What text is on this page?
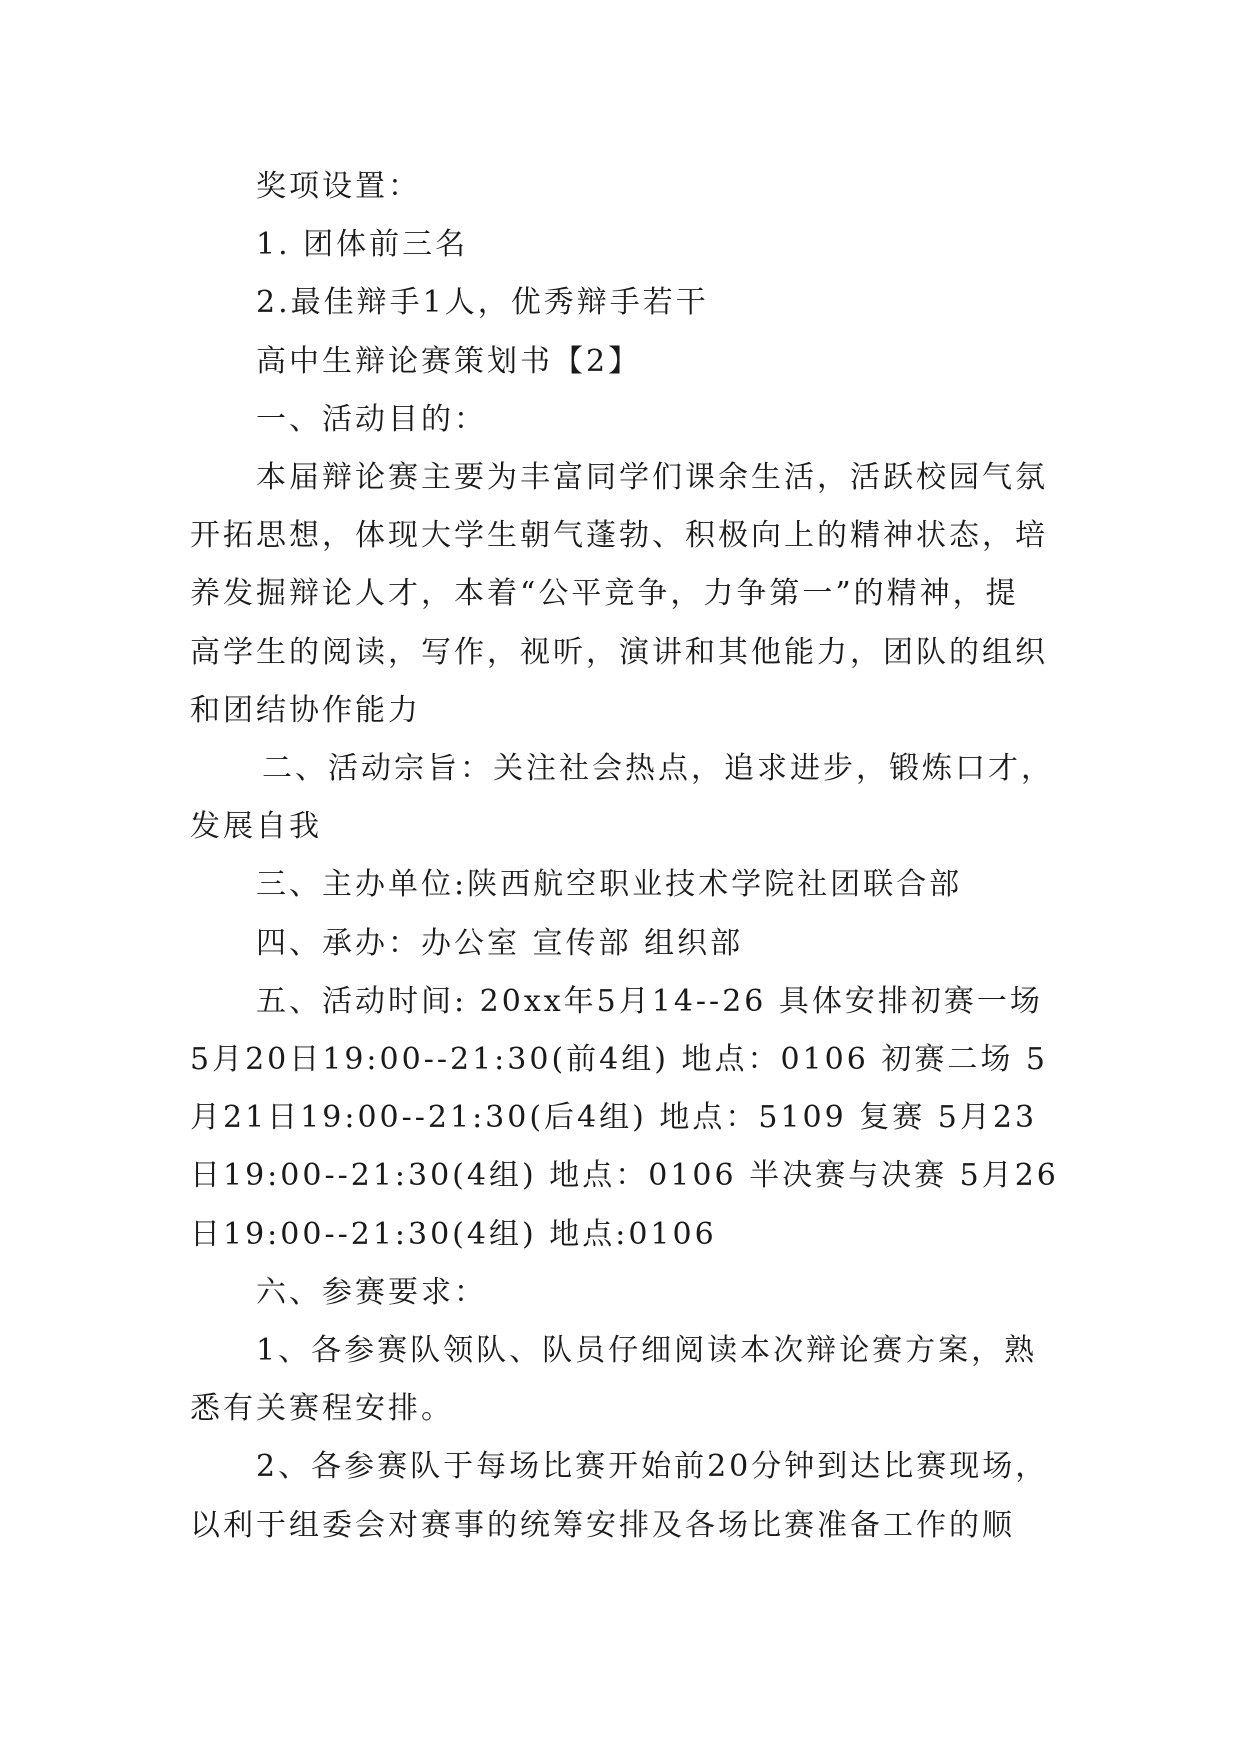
奖项设置：

1. 团体前三名

2.最佳辩手1人，优秀辩手若干

高中生辩论赛策划书【2】

一、活动目的：

本届辩论赛主要为丰富同学们课余生活，活跃校园气氛

开拓思想，体现大学生朝气蓬勃、积极向上的精神状态，培

养发掘辩论人才，本着“公平竞争，力争第一”的精神，提

高学生的阅读，写作，视听，演讲和其他能力，团队的组织

和团结协作能力

二、活动宗旨：关注社会热点，追求进步，锻炼口才，

发展自我

三、主办单位:陕西航空职业技术学院社团联合部

四、承办：办公室 宣传部 组织部

五、活动时间: 20xx年5月14--26 具体安排初赛一场

5月20日19:00--21:30(前4组) 地点：0106 初赛二场 5

月21日19:00--21:30(后4组) 地点：5109 复赛 5月23

日19:00--21:30(4组) 地点：0106 半决赛与决赛 5月26

日19:00--21:30(4组) 地点:0106

六、参赛要求：

1、各参赛队领队、队员仔细阅读本次辩论赛方案，熟

悉有关赛程安排。

2、各参赛队于每场比赛开始前20分钟到达比赛现场，

以利于组委会对赛事的统筹安排及各场比赛准备工作的顺
